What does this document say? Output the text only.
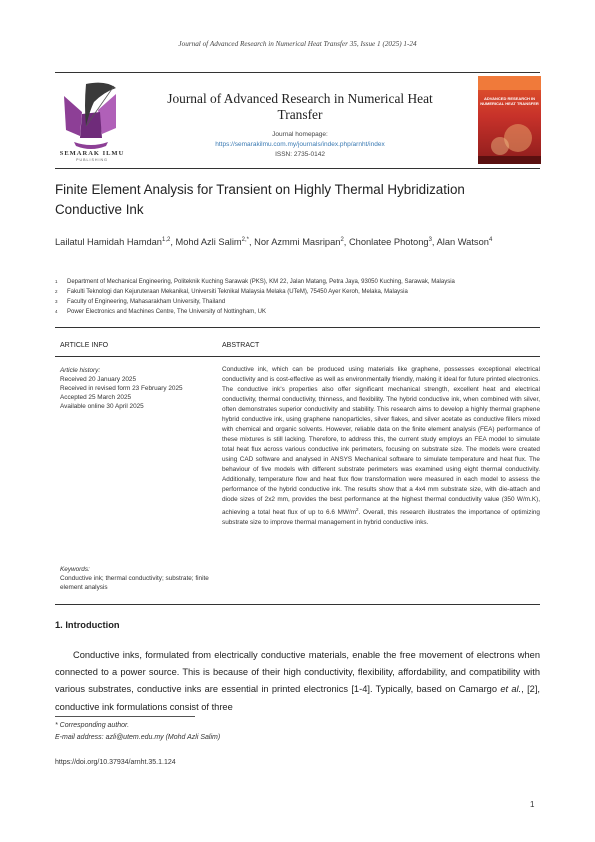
Journal of Advanced Research in Numerical Heat Transfer 35, Issue 1 (2025) 1-24
SEMARAK ILMU
PUBLISHING
Journal of Advanced Research in Numerical Heat Transfer
Journal homepage:
https://semarakilmu.com.my/journals/index.php/arnht/index
ISSN: 2735-0142
ADVANCED RESEARCH IN NUMERICAL HEAT TRANSFER
Finite Element Analysis for Transient on Highly Thermal Hybridization Conductive Ink
Lailatul Hamidah Hamdan$^{1,2}$, Mohd Azli Salim$^{2,*}$, Nor Azmmi Masripan$^2$, Chonlatee Photong$^3$, Alan Watson$^4$
1 Department of Mechanical Engineering, Politeknik Kuching Sarawak (PKS), KM 22, Jalan Matang, Petra Jaya, 93050 Kuching, Sarawak, Malaysia
2 Fakulti Teknologi dan Kejuruteraan Mekanikal, Universiti Teknikal Malaysia Melaka (UTeM), 75450 Ayer Keroh, Melaka, Malaysia
3 Faculty of Engineering, Mahasarakham University, Thailand
4 Power Electronics and Machines Centre, The University of Nottingham, UK
ARTICLE INFO	ABSTRACT
Article history:
Received 20 January 2025
Received in revised form 23 February 2025
Accepted 25 March 2025
Available online 30 April 2025
Keywords:
Conductive ink; thermal conductivity; substrate; finite element analysis
Conductive ink, which can be produced using materials like graphene, possesses exceptional electrical conductivity and is cost-effective as well as environmentally friendly, making it ideal for future printed electronics. The conductive ink's properties also offer significant mechanical strength, excellent heat and electrical conductivity, thermal conductivity, thinness, and flexibility. The hybrid conductive ink, when combined with silver, often demonstrates superior conductivity and stability. This research aims to develop a highly thermal graphene hybrid conductive ink, using graphene nanoparticles, silver flakes, and silver acetate as conductive fillers mixed with chemical and organic solvents. However, reliable data on the finite element analysis (FEA) performance of these mixtures is still lacking. Therefore, to address this, the current study employs an FEA model to simulate total heat flux across various conductive ink perimeters, focusing on substrate size. The models were created using CAD software and analysed in ANSYS Mechanical software to simulate temperature and heat flux. The behaviour of five models with different substrate perimeters was examined using eight thermal conductivity. Additionally, temperature flow and heat flux flow transformation were measured in each model to assess the performance of the hybrid conductive ink. The results show that a 4x4 mm substrate size, with die-attach and diode sizes of 2x2 mm, provides the best performance at the highest thermal conductivity value (350 W/m.K), achieving a total heat flux of up to 6.6 $MW/m^2$. Overall, this research illustrates the importance of optimizing substrate size to improve thermal management in hybrid conductive inks.
1. Introduction
Conductive inks, formulated from electrically conductive materials, enable the free movement of electrons when connected to a power source. This is because of their high conductivity, flexibility, affordability, and compatibility with various substrates, conductive inks are essential in printed electronics [1-4]. Typically, based on Camargo et al., [2], conductive ink formulations consist of three
* Corresponding author.
E-mail address: azli@utem.edu.my (Mohd Azli Salim)
https://doi.org/10.37934/arnht.35.1.124
1
